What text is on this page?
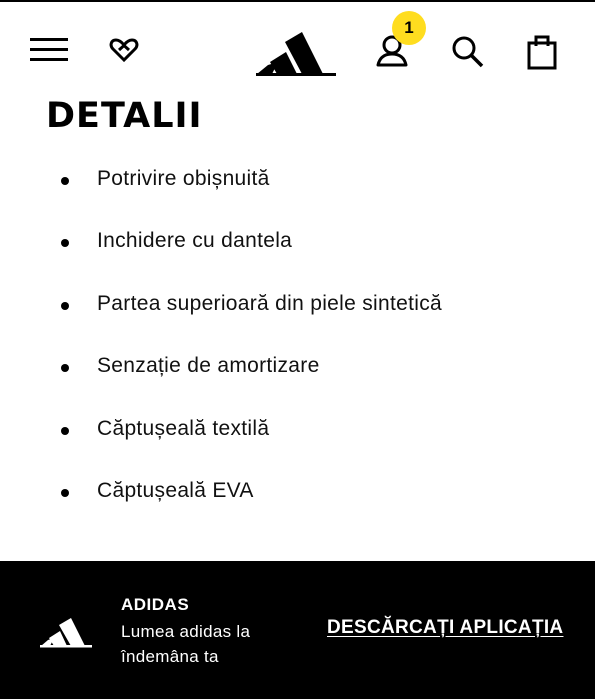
1
DETALII
Potrivire obișnuită
Inchidere cu dantela
Partea superioară din piele sintetică
Senzație de amortizare
Căptușeală textilă
Căptușeală EVA
ADIDAS
Lumea adidas la îndemâna ta
DESCĂRCAȚI APLICAȚIA
